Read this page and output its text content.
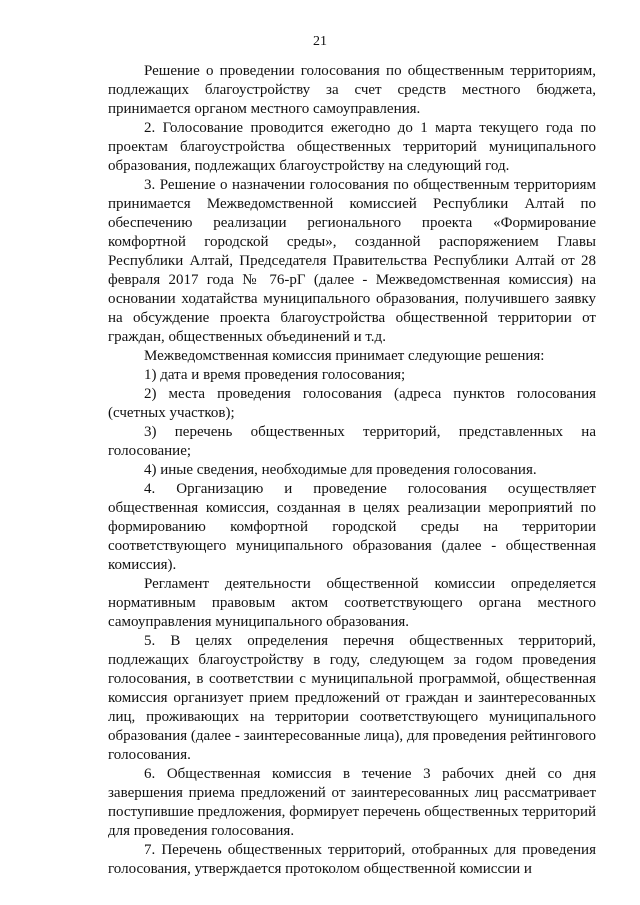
21

Решение о проведении голосования по общественным территориям, подлежащих благоустройству за счет средств местного бюджета, принимается органом местного самоуправления.

2. Голосование проводится ежегодно до 1 марта текущего года по проектам благоустройства общественных территорий муниципального образования, подлежащих благоустройству на следующий год.

3. Решение о назначении голосования по общественным территориям принимается Межведомственной комиссией Республики Алтай по обеспечению реализации регионального проекта «Формирование комфортной городской среды», созданной распоряжением Главы Республики Алтай, Председателя Правительства Республики Алтай от 28 февраля 2017 года № 76-рГ (далее - Межведомственная комиссия) на основании ходатайства муниципального образования, получившего заявку на обсуждение проекта благоустройства общественной территории от граждан, общественных объединений и т.д.

Межведомственная комиссия принимает следующие решения:

1) дата и время проведения голосования;

2) места проведения голосования (адреса пунктов голосования (счетных участков);

3) перечень общественных территорий, представленных на голосование;

4) иные сведения, необходимые для проведения голосования.

4. Организацию и проведение голосования осуществляет общественная комиссия, созданная в целях реализации мероприятий по формированию комфортной городской среды на территории соответствующего муниципального образования (далее - общественная комиссия).

Регламент деятельности общественной комиссии определяется нормативным правовым актом соответствующего органа местного самоуправления муниципального образования.

5. В целях определения перечня общественных территорий, подлежащих благоустройству в году, следующем за годом проведения голосования, в соответствии с муниципальной программой, общественная комиссия организует прием предложений от граждан и заинтересованных лиц, проживающих на территории соответствующего муниципального образования (далее - заинтересованные лица), для проведения рейтингового голосования.

6. Общественная комиссия в течение 3 рабочих дней со дня завершения приема предложений от заинтересованных лиц рассматривает поступившие предложения, формирует перечень общественных территорий для проведения голосования.

7. Перечень общественных территорий, отобранных для проведения голосования, утверждается протоколом общественной комиссии и
